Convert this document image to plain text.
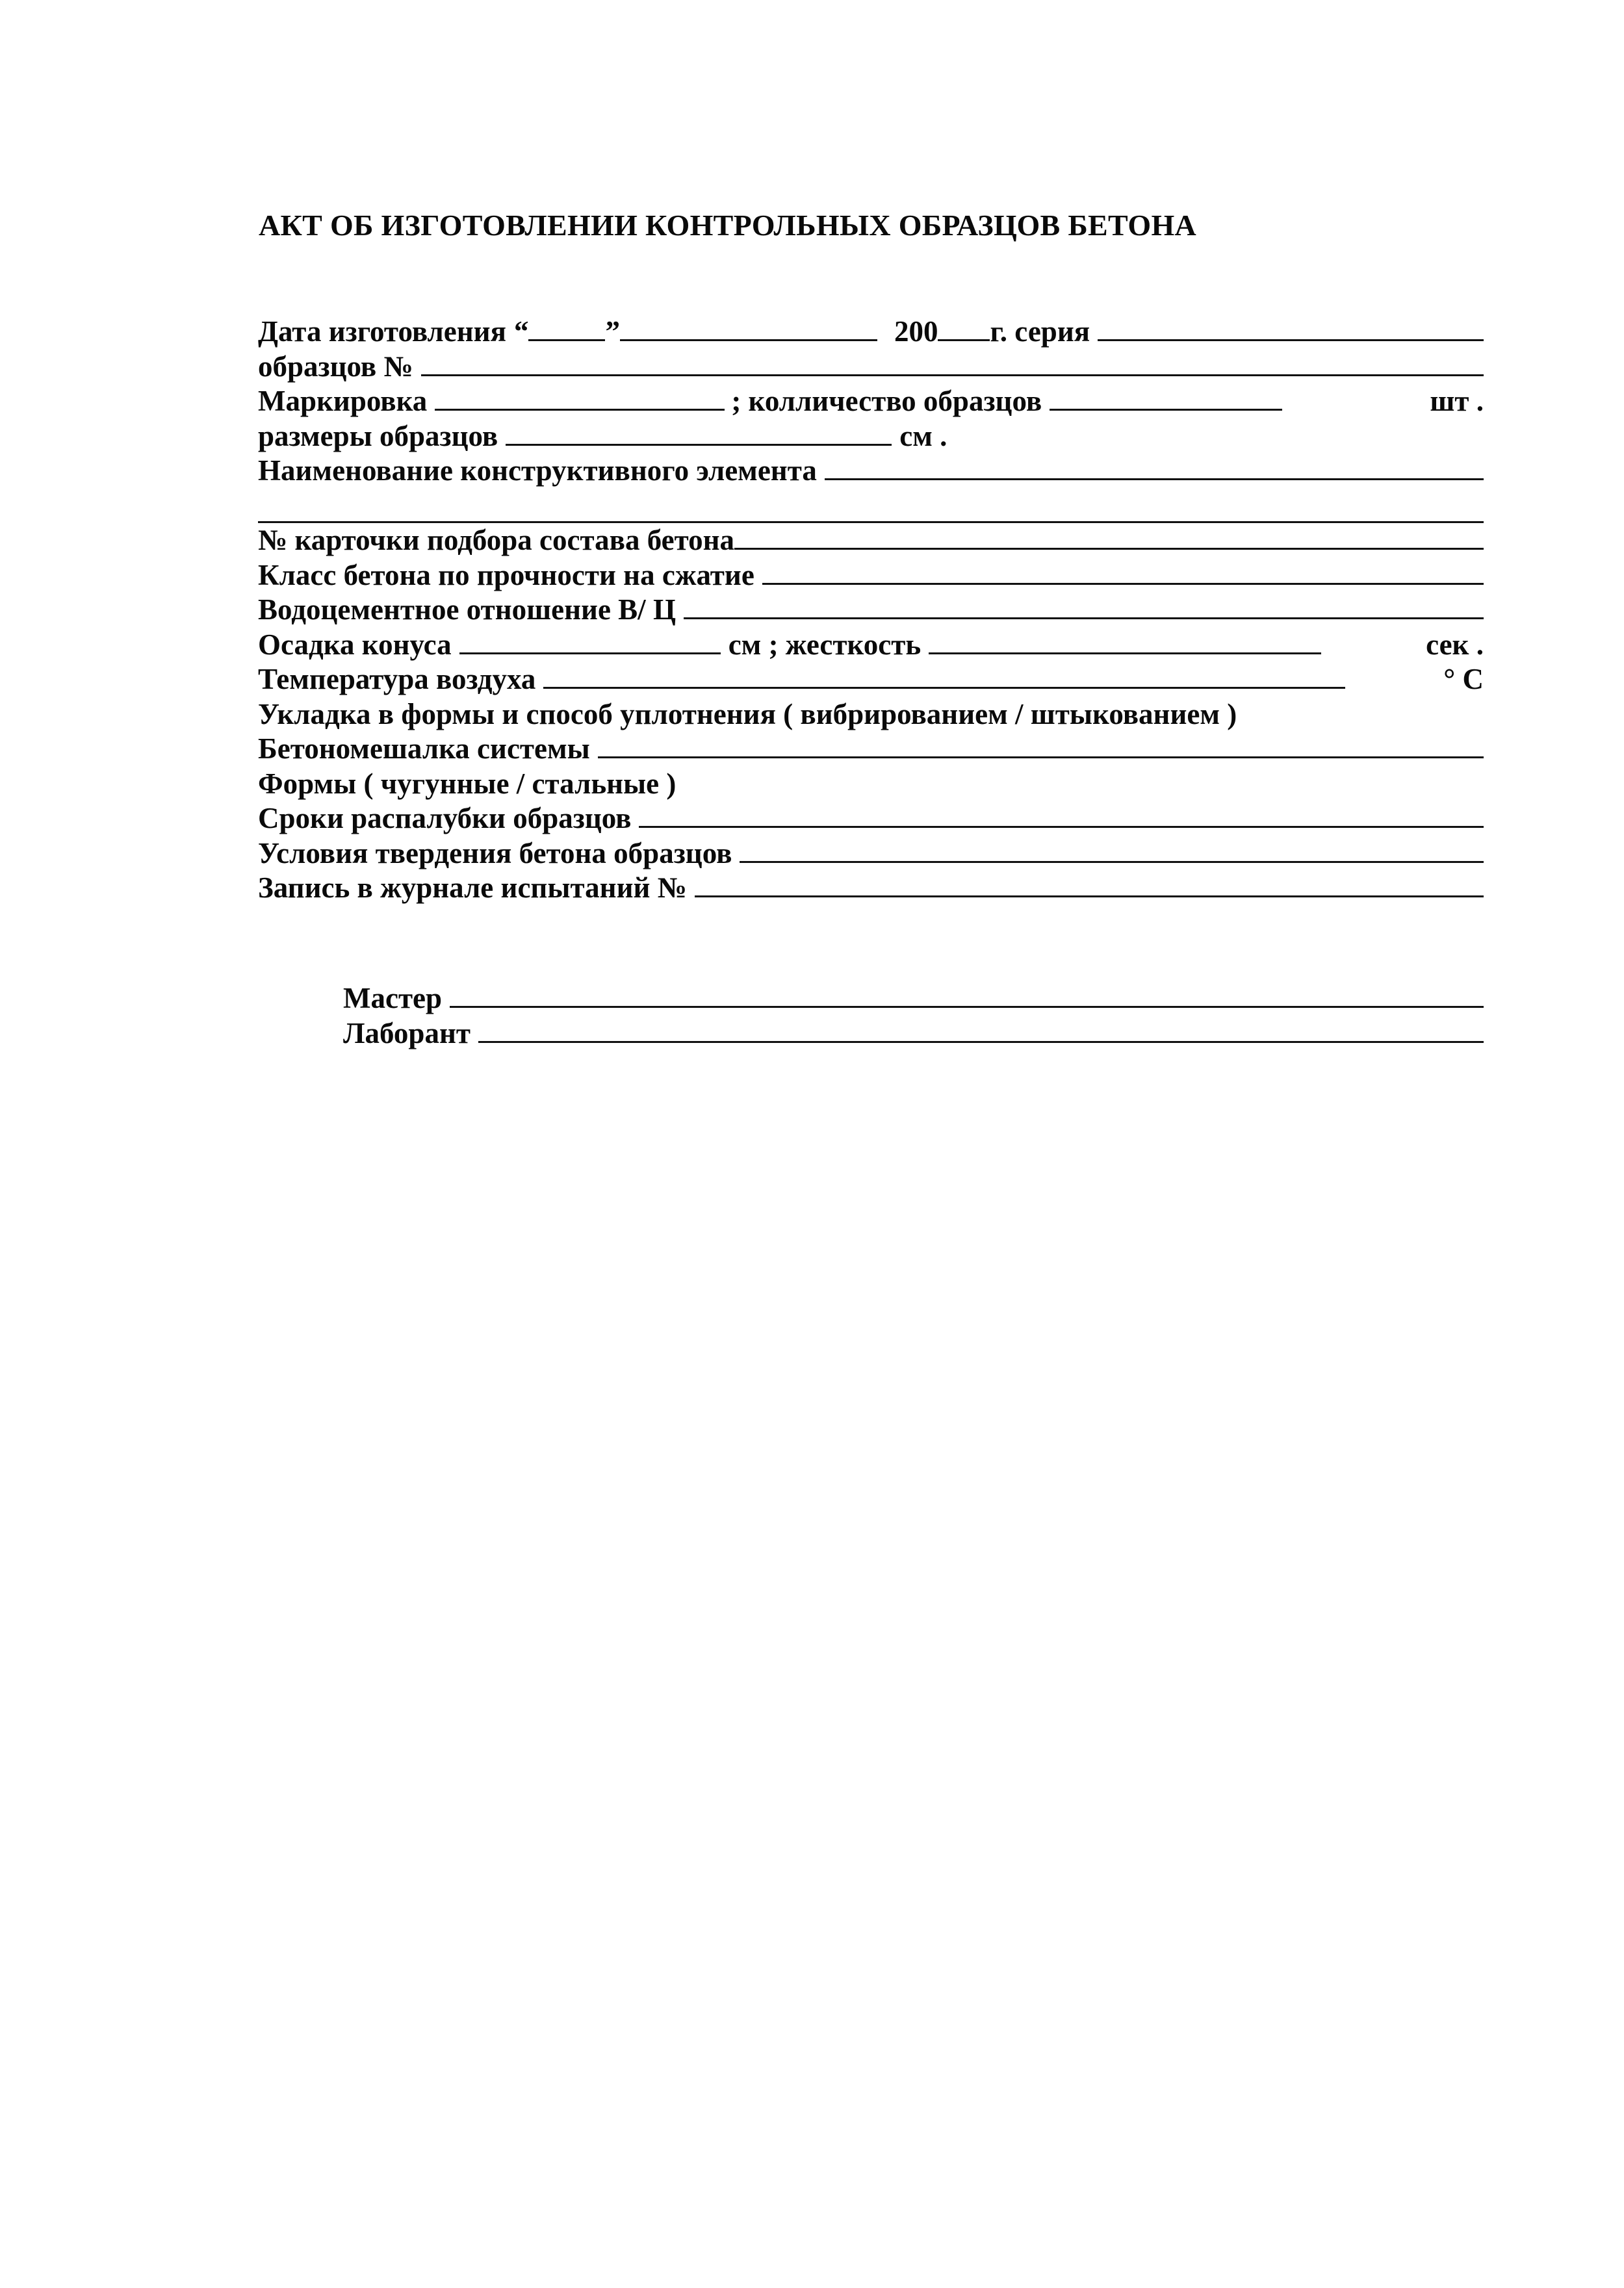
АКТ ОБ ИЗГОТОВЛЕНИИ КОНТРОЛЬНЫХ ОБРАЗЦОВ БЕТОНА
Дата изготовления “	”	200 г. серия
образцов №
Маркировка	; колличество образцов	шт .
размеры образцов	см .
Наименование конструктивного элемента
№ карточки подбора состава бетона
Класс бетона по прочности на сжатие
Водоцементное отношение В/ Ц
Осадка конуса	см ; жесткость	сек .
Температура воздуха	° С
Укладка в формы и способ уплотнения ( вибрированием / штыкованием )
Бетономешалка системы
Формы ( чугунные / стальные )
Сроки распалубки образцов
Условия твердения бетона образцов
Запись в журнале испытаний №
Мастер
Лаборант
